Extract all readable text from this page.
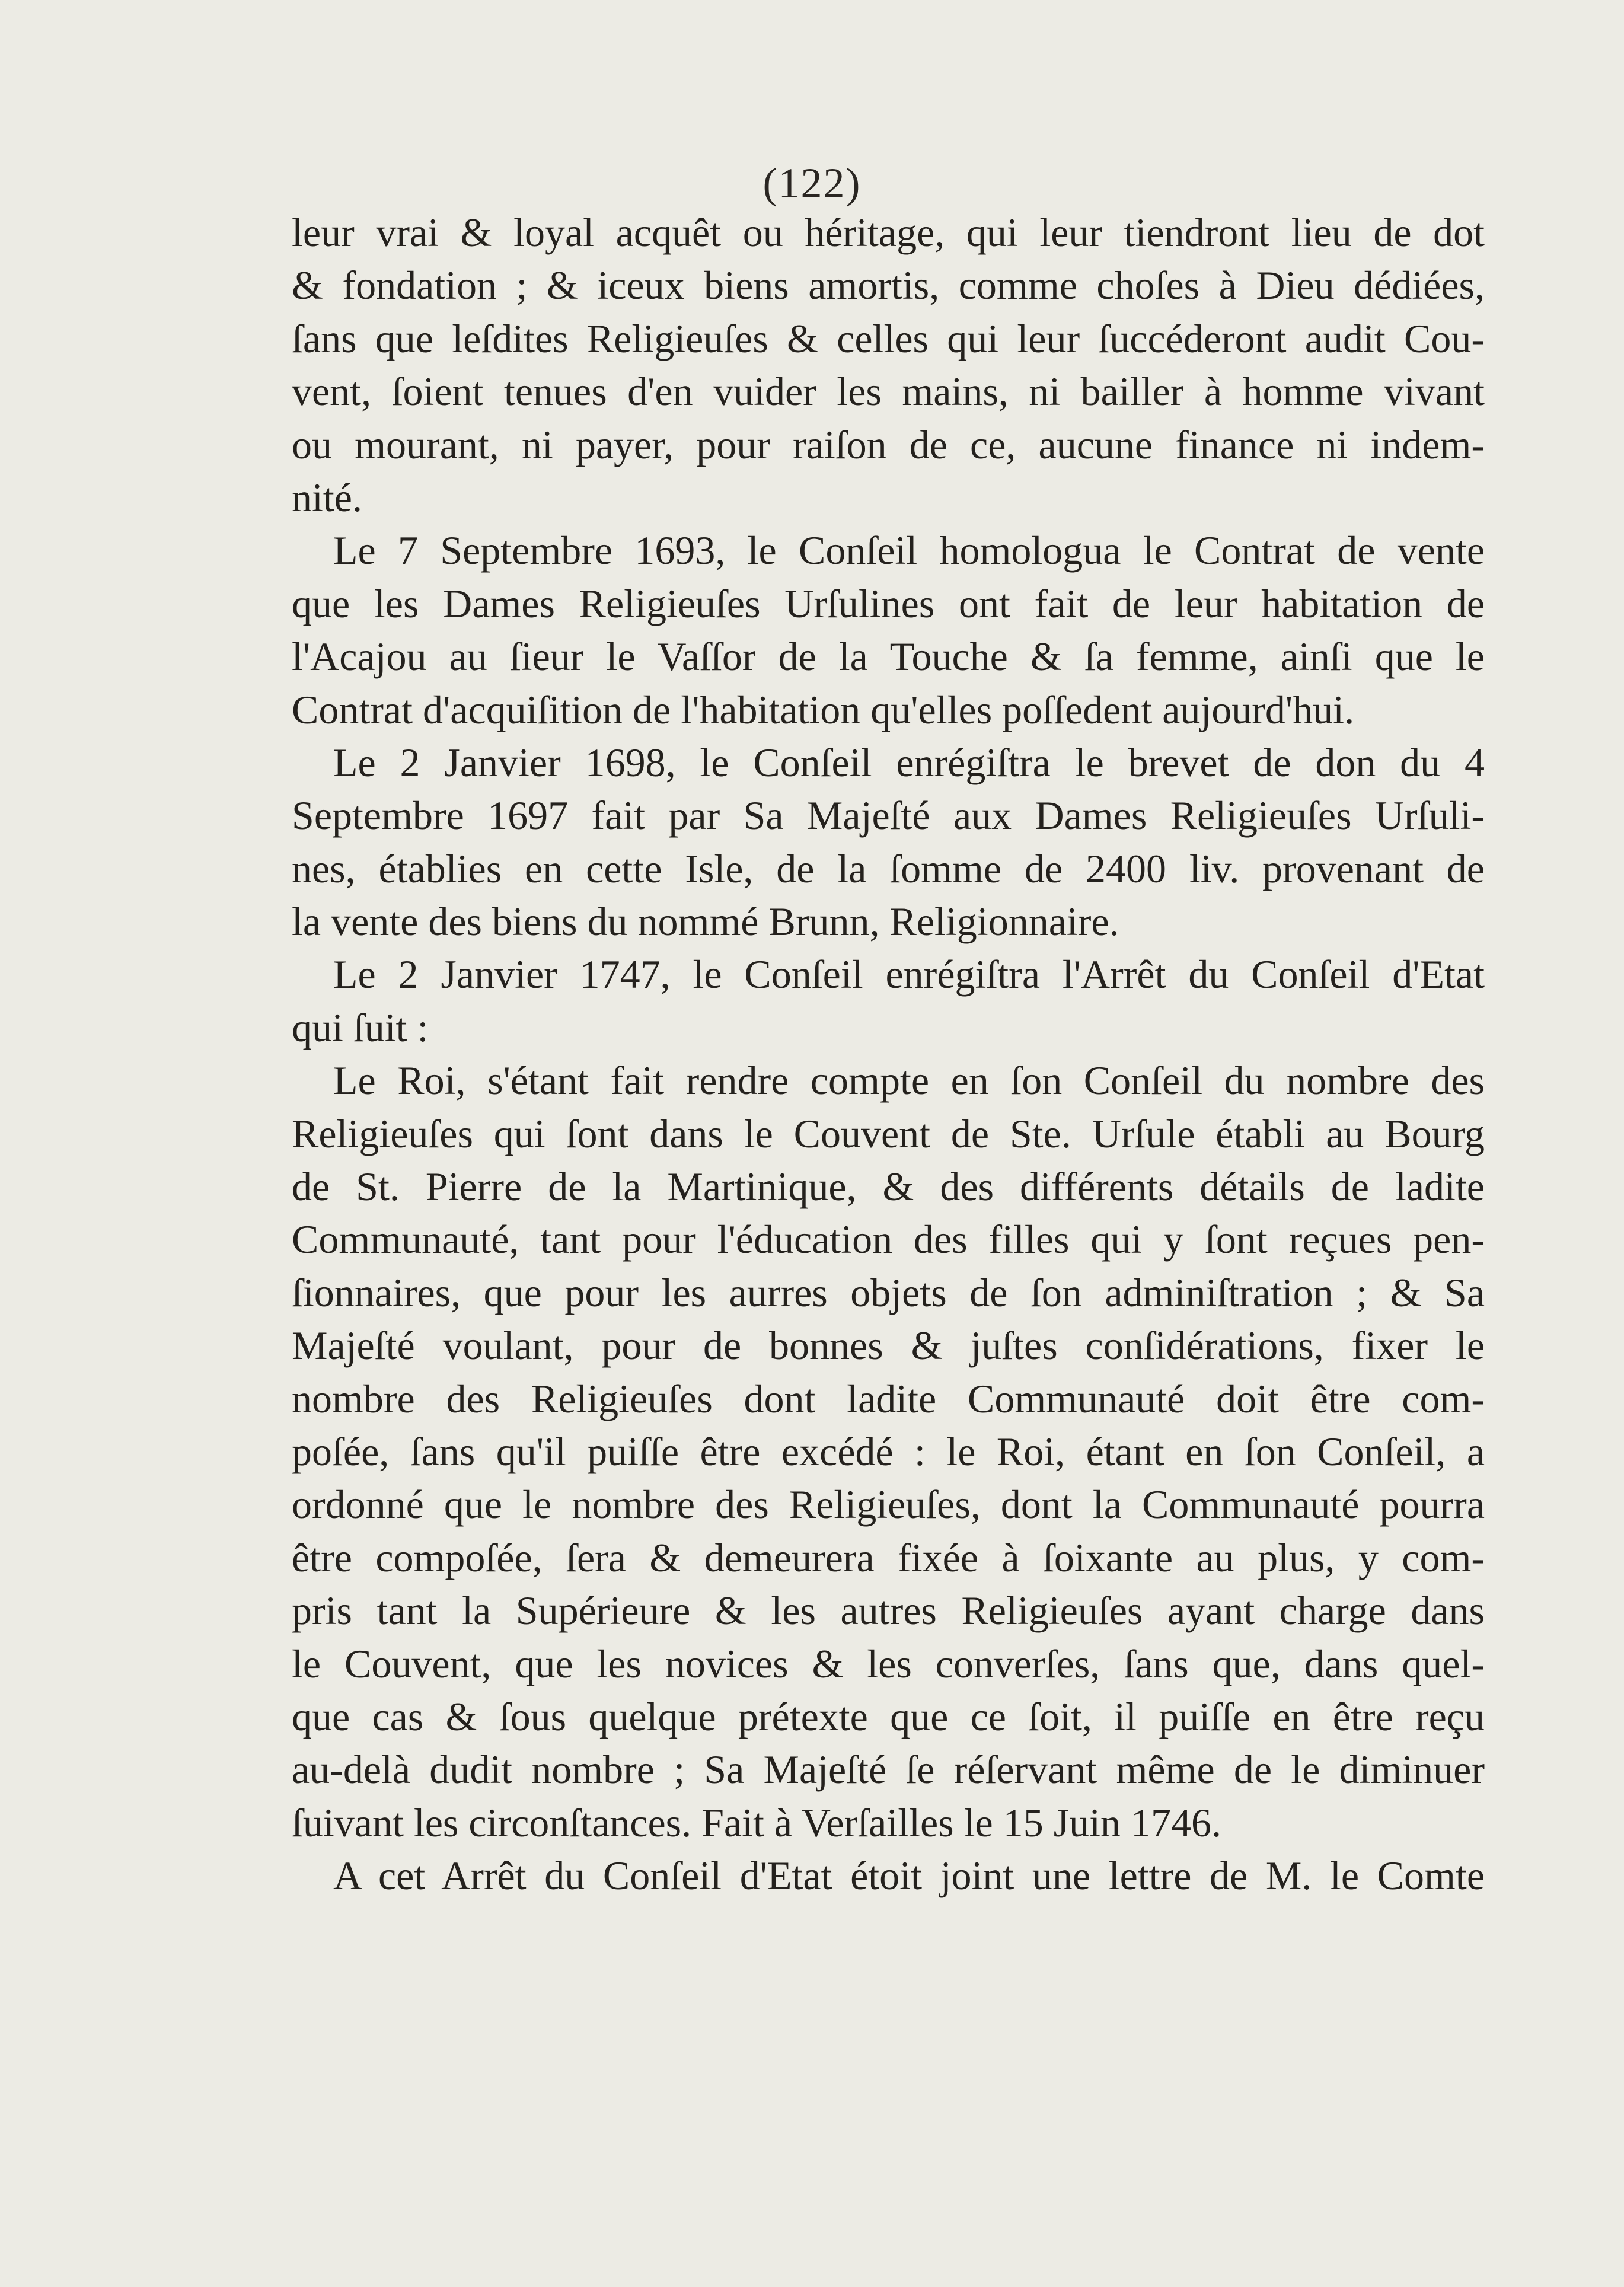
(122)
leur vrai & loyal acquêt ou héritage, qui leur tiendront lieu de dot
& fondation ; & iceux biens amortis, comme choſes à Dieu dédiées,
ſans que leſdites Religieuſes & celles qui leur ſuccéderont audit Cou-
vent, ſoient tenues d'en vuider les mains, ni bailler à homme vivant
ou mourant, ni payer, pour raiſon de ce, aucune finance ni indem-
nité.
Le 7 Septembre 1693, le Conſeil homologua le Contrat de vente
que les Dames Religieuſes Urſulines ont fait de leur habitation de
l'Acajou au ſieur le Vaſſor de la Touche & ſa femme, ainſi que le
Contrat d'acquiſition de l'habitation qu'elles poſſedent aujourd'hui.
Le 2 Janvier 1698, le Conſeil enrégiſtra le brevet de don du 4
Septembre 1697 fait par Sa Majeſté aux Dames Religieuſes Urſuli-
nes, établies en cette Isle, de la ſomme de 2400 liv. provenant de
la vente des biens du nommé Brunn, Religionnaire.
Le 2 Janvier 1747, le Conſeil enrégiſtra l'Arrêt du Conſeil d'Etat
qui ſuit :
Le Roi, s'étant fait rendre compte en ſon Conſeil du nombre des
Religieuſes qui ſont dans le Couvent de Ste. Urſule établi au Bourg
de St. Pierre de la Martinique, & des différents détails de ladite
Communauté, tant pour l'éducation des filles qui y ſont reçues pen-
ſionnaires, que pour les aurres objets de ſon adminiſtration ; & Sa
Majeſté voulant, pour de bonnes & juſtes conſidérations, fixer le
nombre des Religieuſes dont ladite Communauté doit être com-
poſée, ſans qu'il puiſſe être excédé : le Roi, étant en ſon Conſeil, a
ordonné que le nombre des Religieuſes, dont la Communauté pourra
être compoſée, ſera & demeurera fixée à ſoixante au plus, y com-
pris tant la Supérieure & les autres Religieuſes ayant charge dans
le Couvent, que les novices & les converſes, ſans que, dans quel-
que cas & ſous quelque prétexte que ce ſoit, il puiſſe en être reçu
au-delà dudit nombre ; Sa Majeſté ſe réſervant même de le diminuer
ſuivant les circonſtances. Fait à Verſailles le 15 Juin 1746.
A cet Arrêt du Conſeil d'Etat étoit joint une lettre de M. le Comte
